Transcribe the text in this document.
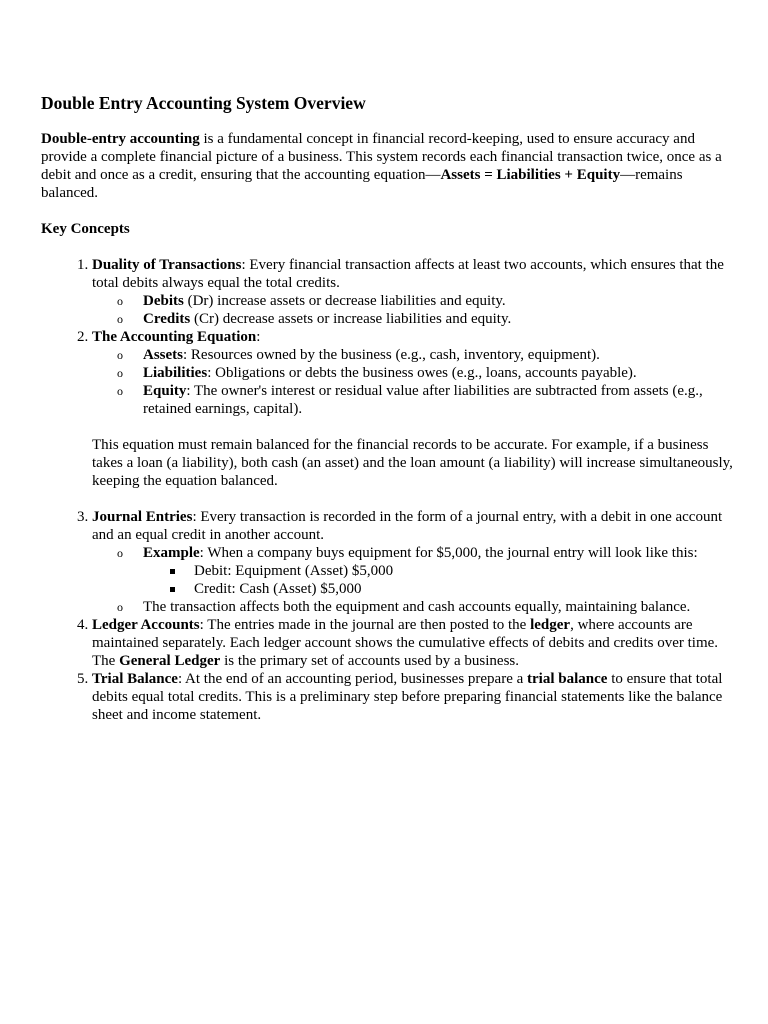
Double Entry Accounting System Overview

Double-entry accounting is a fundamental concept in financial record-keeping, used to ensure accuracy and provide a complete financial picture of a business. This system records each financial transaction twice, once as a debit and once as a credit, ensuring that the accounting equation—Assets = Liabilities + Equity—remains balanced.

Key Concepts
1. Duality of Transactions: Every financial transaction affects at least two accounts, which ensures that the total debits always equal the total credits.
o Debits (Dr) increase assets or decrease liabilities and equity.
o Credits (Cr) decrease assets or increase liabilities and equity.
2. The Accounting Equation:
o Assets: Resources owned by the business (e.g., cash, inventory, equipment).
o Liabilities: Obligations or debts the business owes (e.g., loans, accounts payable).
o Equity: The owner's interest or residual value after liabilities are subtracted from assets (e.g., retained earnings, capital).

This equation must remain balanced for the financial records to be accurate. For example, if a business takes a loan (a liability), both cash (an asset) and the loan amount (a liability) will increase simultaneously, keeping the equation balanced.

3. Journal Entries: Every transaction is recorded in the form of a journal entry, with a debit in one account and an equal credit in another account.
o Example: When a company buys equipment for $5,000, the journal entry will look like this:
Debit: Equipment (Asset) $5,000
Credit: Cash (Asset) $5,000
o The transaction affects both the equipment and cash accounts equally, maintaining balance.
4. Ledger Accounts: The entries made in the journal are then posted to the ledger, where accounts are maintained separately. Each ledger account shows the cumulative effects of debits and credits over time. The General Ledger is the primary set of accounts used by a business.
5. Trial Balance: At the end of an accounting period, businesses prepare a trial balance to ensure that total debits equal total credits. This is a preliminary step before preparing financial statements like the balance sheet and income statement.
